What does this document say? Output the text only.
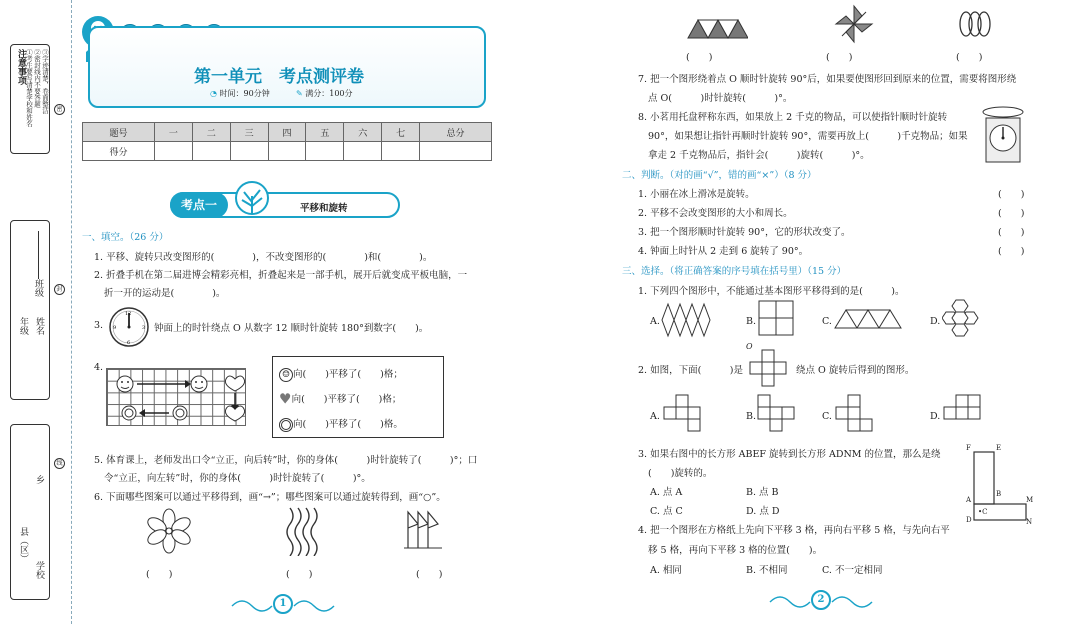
注意事项 ①考生要写清楚学校和姓名 ②密封线内不要答题 ③字迹清楚，卷面整洁	密
封
线
班级
年级 姓名
乡
县（区）
学校
第一单元　考点测评卷
◔ 时间：90分钟	✎ 满分：100分
题号	一	二	三	四	五	六	七	总分
得分								
考点一	平移和旋转
一、填空。（26 分）
1. 平移、旋转只改变图形的(　　　　)，不改变图形的(　　　　)和(　　　　)。
2. 折叠手机在第二届进博会精彩亮相，折叠起来是一部手机，展开后就变成平板电脑，一
折一开的运动是(　　　　)。
3.
12
3
6
9	钟面上的时针绕点 O 从数字 12 顺时针旋转 180°到数字(　　)。
4.
☺ 向(　　)平移了(　　)格；
♥向(　　)平移了(　　)格；
向(　　)平移了(　　)格。
5. 体育课上，老师发出口令“立正，向后转”时，你的身体(　　　)时针旋转了(　　　)°；口
令“立正，向左转”时，你的身体(　　　)时针旋转了(　　　)°。
6. 下面哪些图案可以通过平移得到，画“→”；哪些图案可以通过旋转得到，画“○”。
(　　)	(　　)	(　　)
1
(　　)	(　　)	(　　)
7. 把一个图形绕着点 O 顺时针旋转 90°后，如果要使图形回到原来的位置，需要将图形绕
点 O(　　　)时针旋转(　　　)°。
8. 小茗用托盘秤称东西，如果放上 2 千克的物品，可以使指针顺时针旋转
90°，如果想让指针再顺时针旋转 90°，需要再放上(　　　)千克物品；如果
拿走 2 千克物品后，指针会(　　　)旋转(　　　)°。
二、判断。（对的画“√”，错的画“×”）（8 分）
1. 小丽在冰上滑冰是旋转。
2. 平移不会改变图形的大小和周长。
3. 把一个图形顺时针旋转 90°，它的形状改变了。
4. 钟面上时针从 2 走到 6 旋转了 90°。
(　　)
(　　)
(　　)
(　　)
三、选择。（将正确答案的序号填在括号里）（15 分）
1. 下列四个图形中，不能通过基本图形平移得到的是(　　　)。
A.	B.	C.	D.
2. 如图，下面(　　　)是
O
绕点 O 旋转后得到的图形。
A.	B.	C.	D.
3. 如果右图中的长方形 ABEF 旋转到长方形 ADNM 的位置，那么是绕
(　　)旋转的。
A. 点 A	B. 点 B
C. 点 C	D. 点 D
F	E
A
B
M
D	N
•C
4. 把一个图形在方格纸上先向下平移 3 格，再向右平移 5 格，与先向右平
移 5 格，再向下平移 3 格的位置(　　)。
A. 相同	B. 不相同	C. 不一定相同
2
